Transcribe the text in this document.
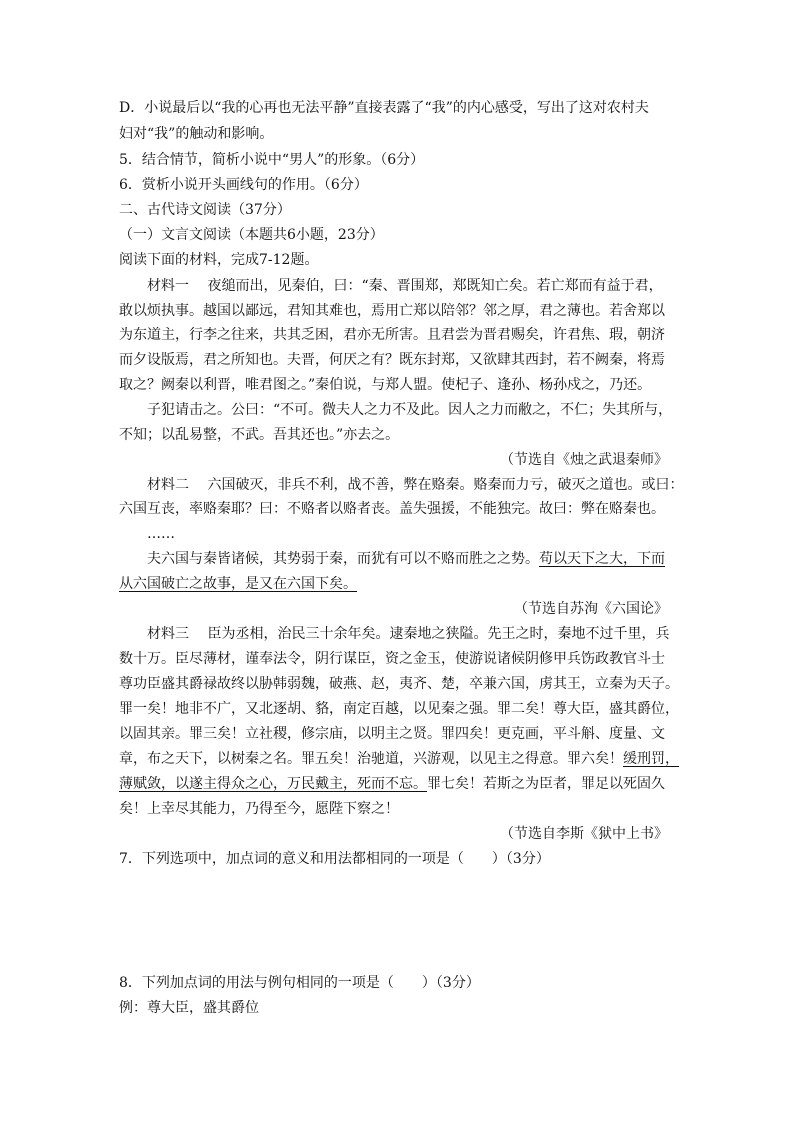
D．小说最后以“我的心再也无法平静”直接表露了“我”的内心感受，写出了这对农村夫
妇对“我”的触动和影响。
5．结合情节，简析小说中“男人”的形象。（6分）
6．赏析小说开头画线句的作用。（6分）
二、古代诗文阅读（37分）
（一）文言文阅读（本题共6小题，23分）
阅读下面的材料，完成7-12题。
材料一　 夜缒而出，见秦伯，曰：“秦、晋围郑，郑既知亡矣。若亡郑而有益于君，
敢以烦执事。越国以鄙远，君知其难也，焉用亡郑以陪邻？邻之厚，君之薄也。若舍郑以
为东道主，行李之往来，共其乏困，君亦无所害。且君尝为晋君赐矣，许君焦、瑕，朝济
而夕设版焉，君之所知也。夫晋，何厌之有？既东封郑，又欲肆其西封，若不阙秦，将焉
取之？阙秦以利晋，唯君图之。”秦伯说，与郑人盟。使杞子、逢孙、杨孙戍之，乃还。
子犯请击之。公曰：“不可。微夫人之力不及此。因人之力而敝之，不仁；失其所与，
不知；以乱易整，不武。吾其还也。”亦去之。
（节选自《烛之武退秦师》
材料二　 六国破灭，非兵不利，战不善，弊在赂秦。赂秦而力亏，破灭之道也。或曰：
六国互丧，率赂秦耶？曰：不赂者以赂者丧。盖失强援，不能独完。故曰：弊在赂秦也。
……
夫六国与秦皆诸候，其势弱于秦，而犹有可以不赂而胜之之势。苟以天下之大，下而
从六国破亡之故事，是又在六国下矣。
（节选自苏洵《六国论》
材料三　 臣为丞相，治民三十余年矣。逮秦地之狭隘。先王之时，秦地不过千里，兵
数十万。臣尽薄材，谨奉法令，阴行谋臣，资之金玉，使游说诸候阴修甲兵饬政教官斗士
尊功臣盛其爵禄故终以胁韩弱魏，破燕、赵，夷齐、楚，卒兼六国，虏其王，立秦为天子。
罪一矣！地非不广，又北逐胡、貉，南定百越，以见秦之强。罪二矣！尊大臣，盛其爵位，
以固其亲。罪三矣！立社稷，修宗庙，以明主之贤。罪四矣！更克画，平斗斛、度量、文
章，布之天下，以树秦之名。罪五矣！治驰道，兴游观，以见主之得意。罪六矣！缓刑罚，
薄赋敛，以遂主得众之心，万民戴主，死而不忘。罪七矣！若斯之为臣者，罪足以死固久
矣！上幸尽其能力，乃得至今，愿陛下察之！
（节选自李斯《狱中上书》
7．下列选项中，加点词的意义和用法都相同的一项是（　　）（3分）
8．下列加点词的用法与例句相同的一项是（　　）（3分）
例：尊大臣，盛其爵位
